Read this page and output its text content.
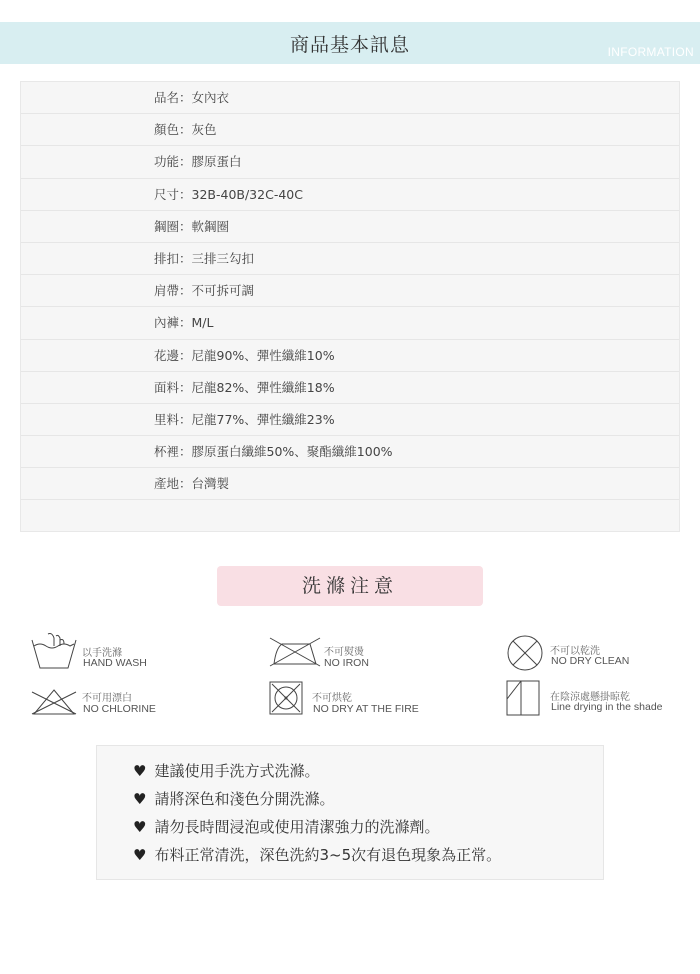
商品基本訊息	INFORMATION
品名：女內衣
顏色：灰色
功能：膠原蛋白
尺寸：32B-40B/32C-40C
鋼圈：軟鋼圈
排扣：三排三勾扣
肩帶：不可拆可調
內褲：M/L
花邊：尼龍90%、彈性纖維10%
面料：尼龍82%、彈性纖維18%
里料：尼龍77%、彈性纖維23%
杯裡：膠原蛋白纖維50%、聚酯纖維100%
產地：台灣製
洗滌注意
以手洗滌
HAND WASH
不可熨燙
NO IRON
不可以乾洗
NO DRY CLEAN
不可用漂白
NO CHLORINE
不可烘乾
NO DRY AT THE FIRE
在陰涼處懸掛晾乾
Line drying in the shade
♥ 建議使用手洗方式洗滌。
♥ 請將深色和淺色分開洗滌。
♥ 請勿長時間浸泡或使用清潔強力的洗滌劑。
♥ 布料正常清洗，深色洗約3~5次有退色現象為正常。
